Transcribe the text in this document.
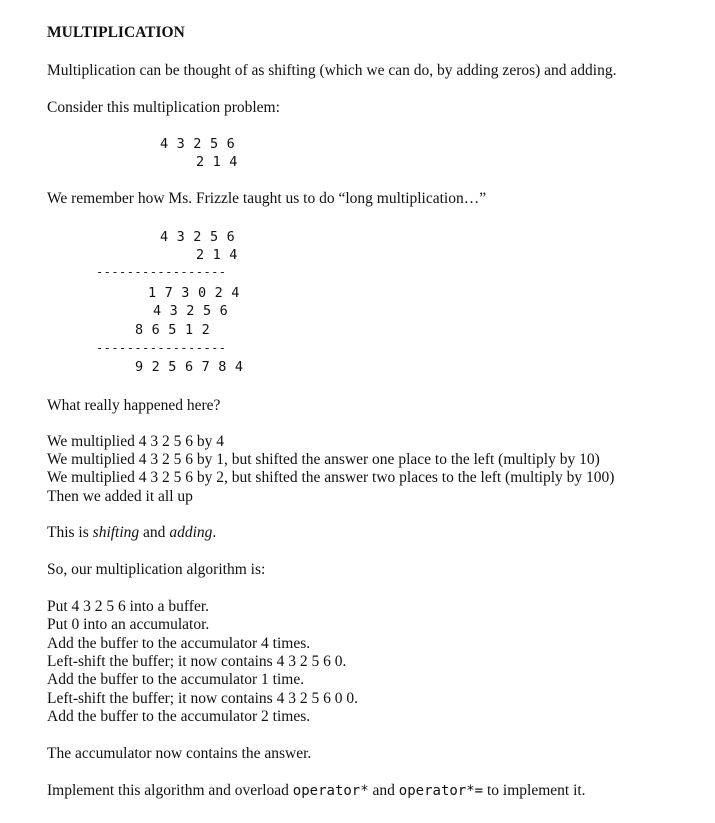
MULTIPLICATION
Multiplication can be thought of as shifting (which we can do, by adding zeros) and adding.
Consider this multiplication problem:
4 3 2 5 6
2 1 4
We remember how Ms. Frizzle taught us to do “long multiplication…”
4 3 2 5 6
2 1 4
-----------------
1 7 3 0 2 4
4 3 2 5 6
8 6 5 1 2
-----------------
9 2 5 6 7 8 4
What really happened here?
We multiplied 4 3 2 5 6 by 4
We multiplied 4 3 2 5 6 by 1, but shifted the answer one place to the left (multiply by 10)
We multiplied 4 3 2 5 6 by 2, but shifted the answer two places to the left (multiply by 100)
Then we added it all up
This is shifting and adding.
So, our multiplication algorithm is:
Put 4 3 2 5 6 into a buffer.
Put 0 into an accumulator.
Add the buffer to the accumulator 4 times.
Left-shift the buffer; it now contains 4 3 2 5 6 0.
Add the buffer to the accumulator 1 time.
Left-shift the buffer; it now contains 4 3 2 5 6 0 0.
Add the buffer to the accumulator 2 times.
The accumulator now contains the answer.
Implement this algorithm and overload operator* and operator*= to implement it.
